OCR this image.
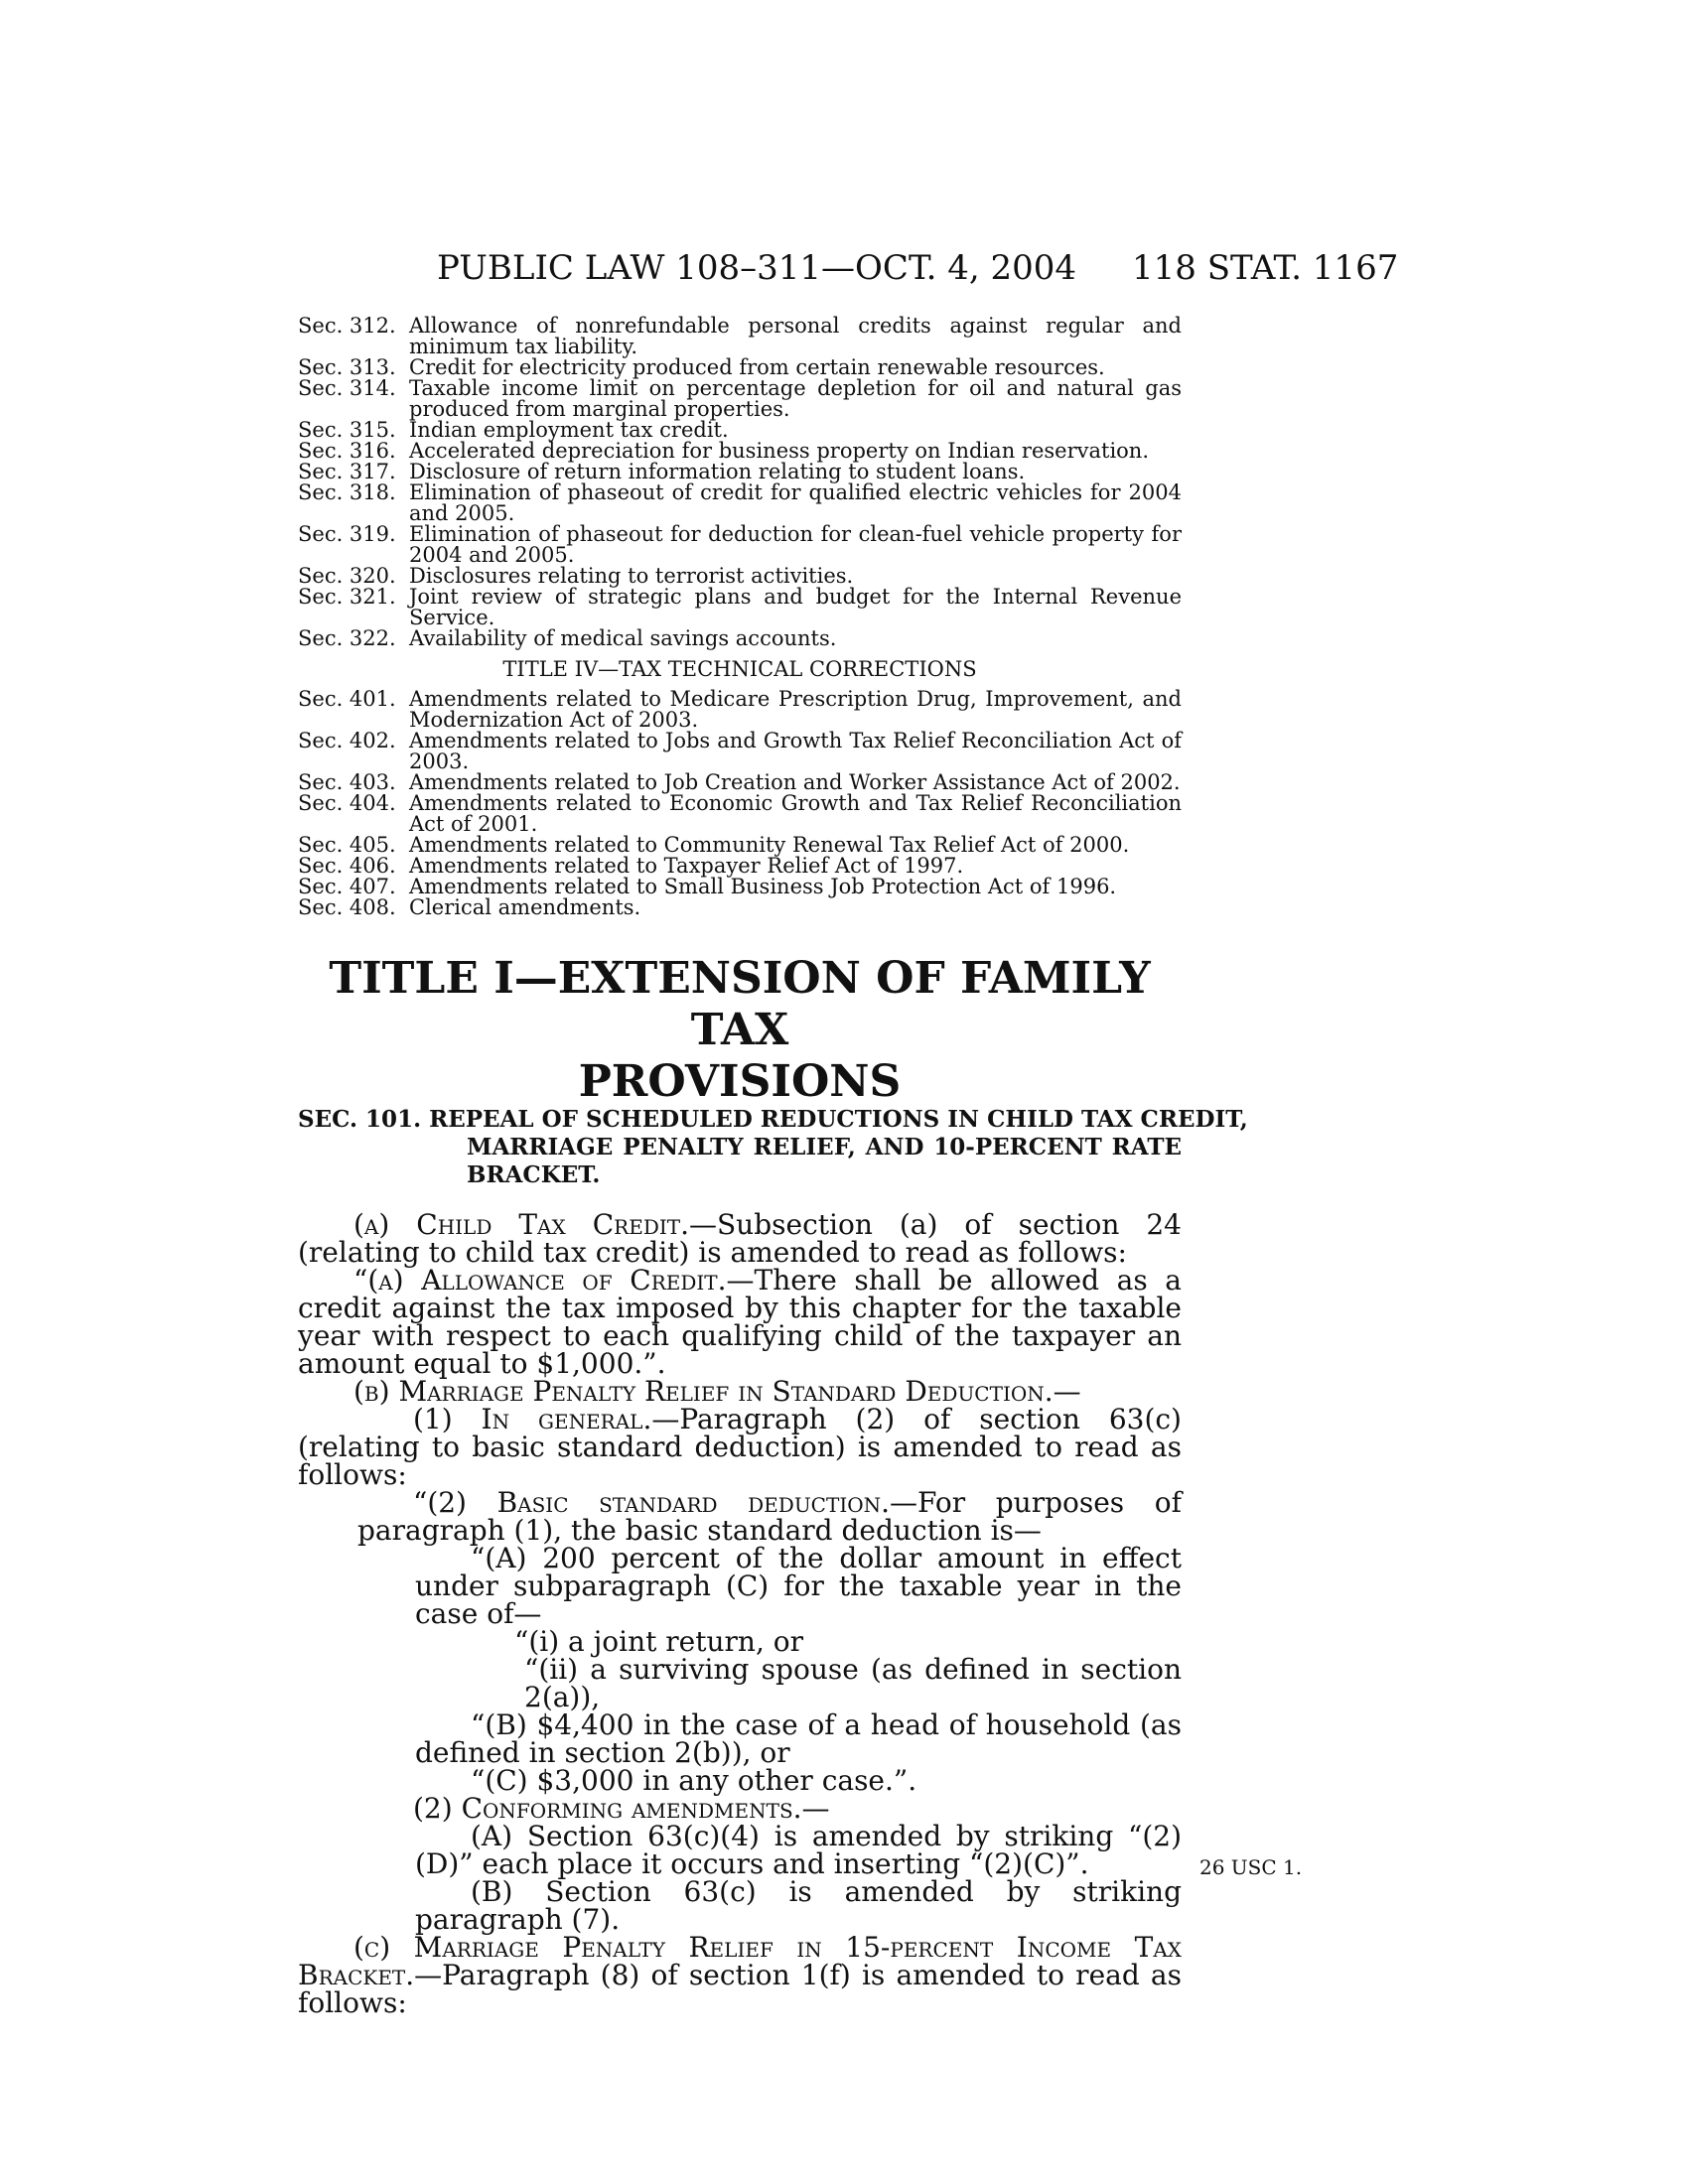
PUBLIC LAW 108–311—OCT. 4, 2004 118 STAT. 1167
Sec. 312. Allowance of nonrefundable personal credits against regular and minimum tax liability.
Sec. 313. Credit for electricity produced from certain renewable resources.
Sec. 314. Taxable income limit on percentage depletion for oil and natural gas produced from marginal properties.
Sec. 315. Indian employment tax credit.
Sec. 316. Accelerated depreciation for business property on Indian reservation.
Sec. 317. Disclosure of return information relating to student loans.
Sec. 318. Elimination of phaseout of credit for qualified electric vehicles for 2004 and 2005.
Sec. 319. Elimination of phaseout for deduction for clean-fuel vehicle property for 2004 and 2005.
Sec. 320. Disclosures relating to terrorist activities.
Sec. 321. Joint review of strategic plans and budget for the Internal Revenue Service.
Sec. 322. Availability of medical savings accounts.
TITLE IV—TAX TECHNICAL CORRECTIONS
Sec. 401. Amendments related to Medicare Prescription Drug, Improvement, and Modernization Act of 2003.
Sec. 402. Amendments related to Jobs and Growth Tax Relief Reconciliation Act of 2003.
Sec. 403. Amendments related to Job Creation and Worker Assistance Act of 2002.
Sec. 404. Amendments related to Economic Growth and Tax Relief Reconciliation Act of 2001.
Sec. 405. Amendments related to Community Renewal Tax Relief Act of 2000.
Sec. 406. Amendments related to Taxpayer Relief Act of 1997.
Sec. 407. Amendments related to Small Business Job Protection Act of 1996.
Sec. 408. Clerical amendments.
TITLE I—EXTENSION OF FAMILY TAX
PROVISIONS
SEC. 101. REPEAL OF SCHEDULED REDUCTIONS IN CHILD TAX CREDIT,
MARRIAGE PENALTY RELIEF, AND 10-PERCENT RATE BRACKET.
(a) Child Tax Credit.—Subsection (a) of section 24 (relating to child tax credit) is amended to read as follows:
“(a) Allowance of Credit.—There shall be allowed as a credit against the tax imposed by this chapter for the taxable year with respect to each qualifying child of the taxpayer an amount equal to $1,000.”.
(b) Marriage Penalty Relief in Standard Deduction.—
(1) In general.—Paragraph (2) of section 63(c) (relating to basic standard deduction) is amended to read as follows:
“(2) Basic standard deduction.—For purposes of paragraph (1), the basic standard deduction is—
“(A) 200 percent of the dollar amount in effect under subparagraph (C) for the taxable year in the case of—
“(i) a joint return, or
“(ii) a surviving spouse (as defined in section 2(a)),
“(B) $4,400 in the case of a head of household (as defined in section 2(b)), or
“(C) $3,000 in any other case.”.
(2) Conforming amendments.—
(A) Section 63(c)(4) is amended by striking “(2)(D)” each place it occurs and inserting “(2)(C)”.
(B) Section 63(c) is amended by striking paragraph (7).
(c) Marriage Penalty Relief in 15-percent Income Tax Bracket.—Paragraph (8) of section 1(f) is amended to read as follows:
26 USC 1.
